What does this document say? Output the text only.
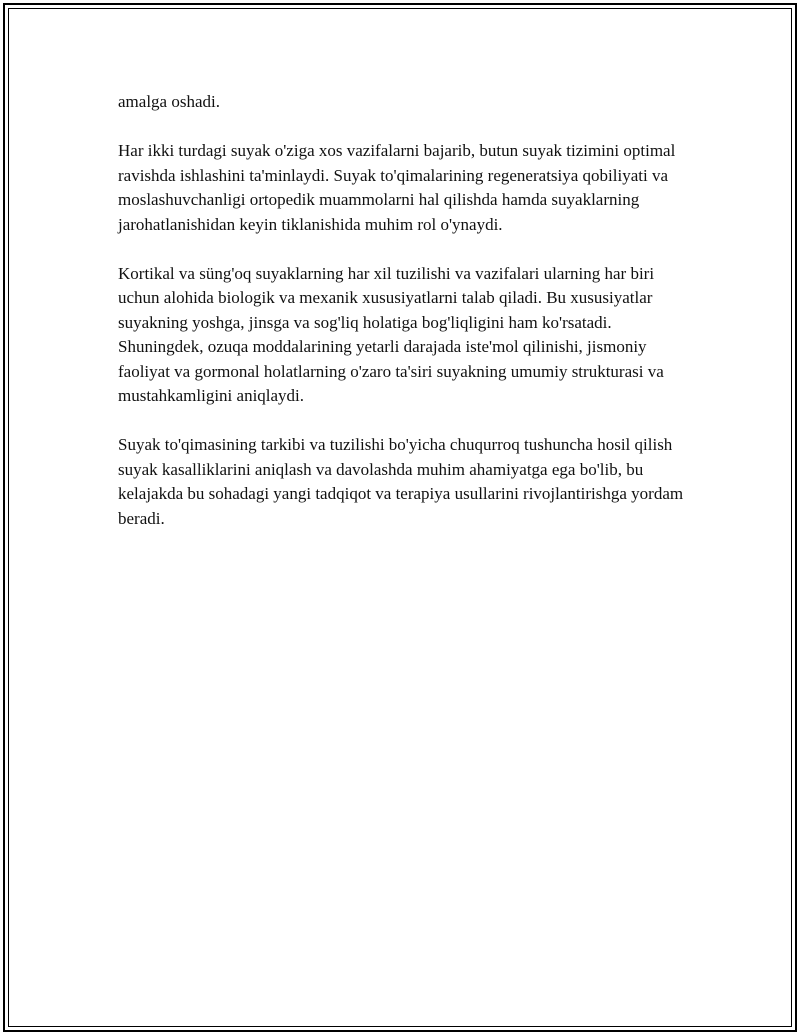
amalga oshadi.

Har ikki turdagi suyak o'ziga xos vazifalarni bajarib, butun suyak tizimini optimal ravishda ishlashini ta'minlaydi. Suyak to'qimalarining regeneratsiya qobiliyati va moslashuvchanligi ortopedik muammolarni hal qilishda hamda suyaklarning jarohatlanishidan keyin tiklanishida muhim rol o'ynaydi.

Kortikal va süng'oq suyaklarning har xil tuzilishi va vazifalari ularning har biri uchun alohida biologik va mexanik xususiyatlarni talab qiladi. Bu xususiyatlar suyakning yoshga, jinsga va sog'liq holatiga bog'liqligini ham ko'rsatadi. Shuningdek, ozuqa moddalarining yetarli darajada iste'mol qilinishi, jismoniy faoliyat va gormonal holatlarning o'zaro ta'siri suyakning umumiy strukturasi va mustahkamligini aniqlaydi.

Suyak to'qimasining tarkibi va tuzilishi bo'yicha chuqurroq tushuncha hosil qilish suyak kasalliklarini aniqlash va davolashda muhim ahamiyatga ega bo'lib, bu kelajakda bu sohadagi yangi tadqiqot va terapiya usullarini rivojlantirishga yordam beradi.
